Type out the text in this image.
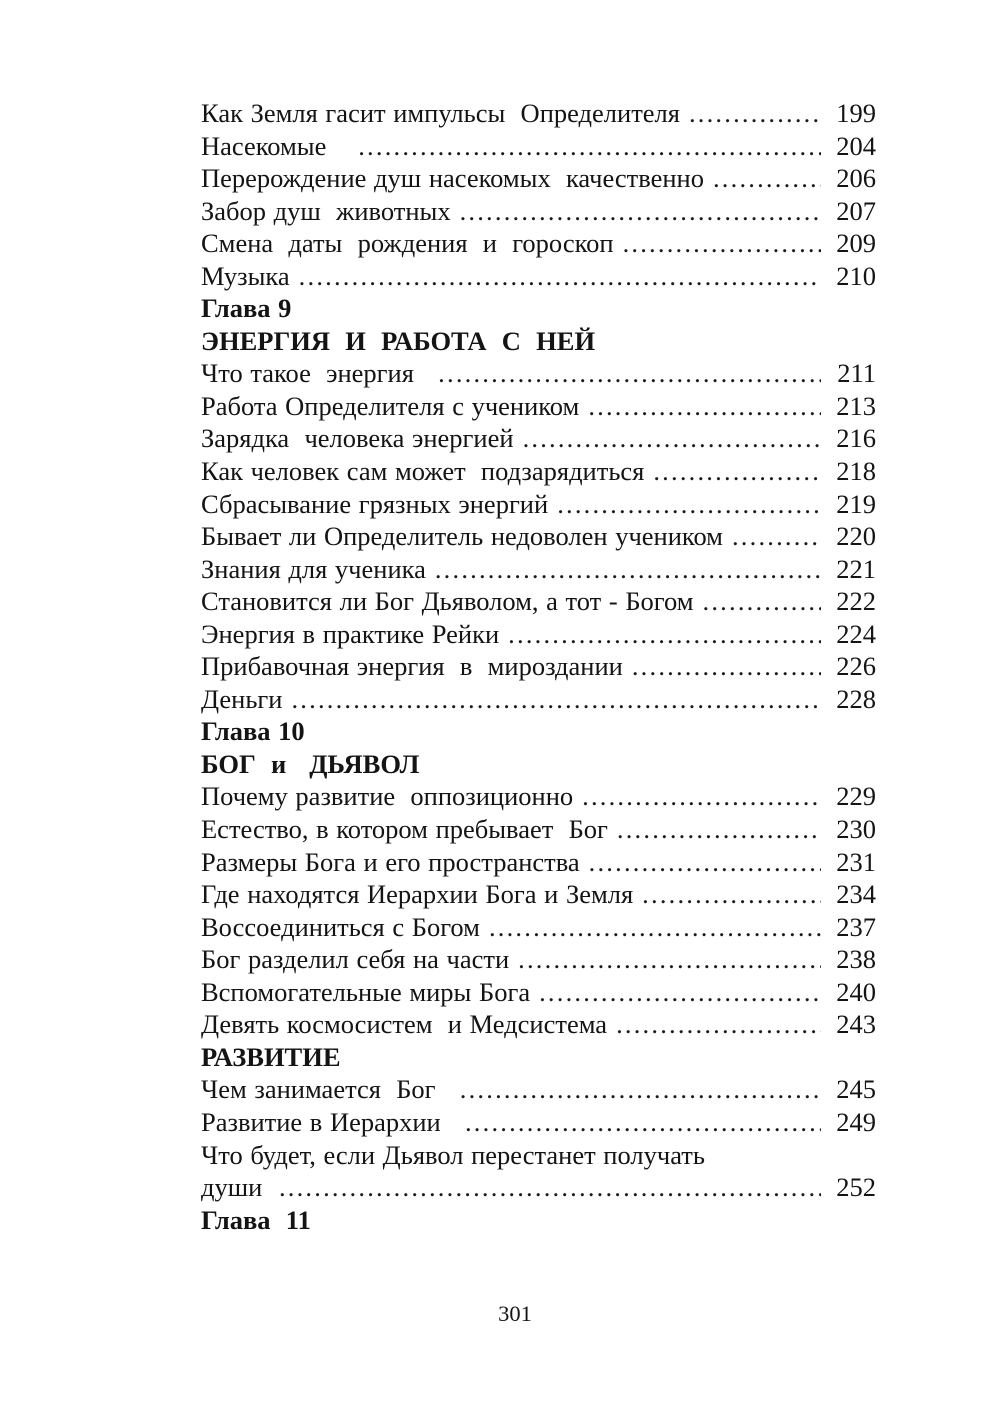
Как Земля гасит импульсы  Определителя .....	199
Насекомые .....	204
Перерождение душ насекомых  качественно .....	206
Забор душ  животных .....	207
Смена  даты  рождения  и  гороскоп .....	209
Музыка .....	210
Глава 9
ЭНЕРГИЯ  И  РАБОТА  С  НЕЙ
Что такое  энергия .....	211
Работа Определителя с учеником .....	213
Зарядка  человека энергией .....	216
Как человек сам может  подзарядиться .....	218
Сбрасывание грязных энергий .....	219
Бывает ли Определитель недоволен учеником .....	220
Знания для ученика .....	221
Становится ли Бог Дьяволом, а тот - Богом .....	222
Энергия в практике Рейки .....	224
Прибавочная энергия  в  мироздании .....	226
Деньги .....	228
Глава 10
БОГ  и   ДЬЯВОЛ
Почему развитие  оппозиционно .....	229
Естество, в котором пребывает  Бог .....	230
Размеры Бога и его пространства .....	231
Где находятся Иерархии Бога и Земля .....	234
Воссоединиться с Богом .....	237
Бог разделил себя на части .....	238
Вспомогательные миры Бога .....	240
Девять космосистем  и Медсистема .....	243
РАЗВИТИЕ
Чем занимается  Бог .....	245
Развитие в Иерархии .....	249
Что будет, если Дьявол перестанет получать
души .....	252
Глава  11
301
